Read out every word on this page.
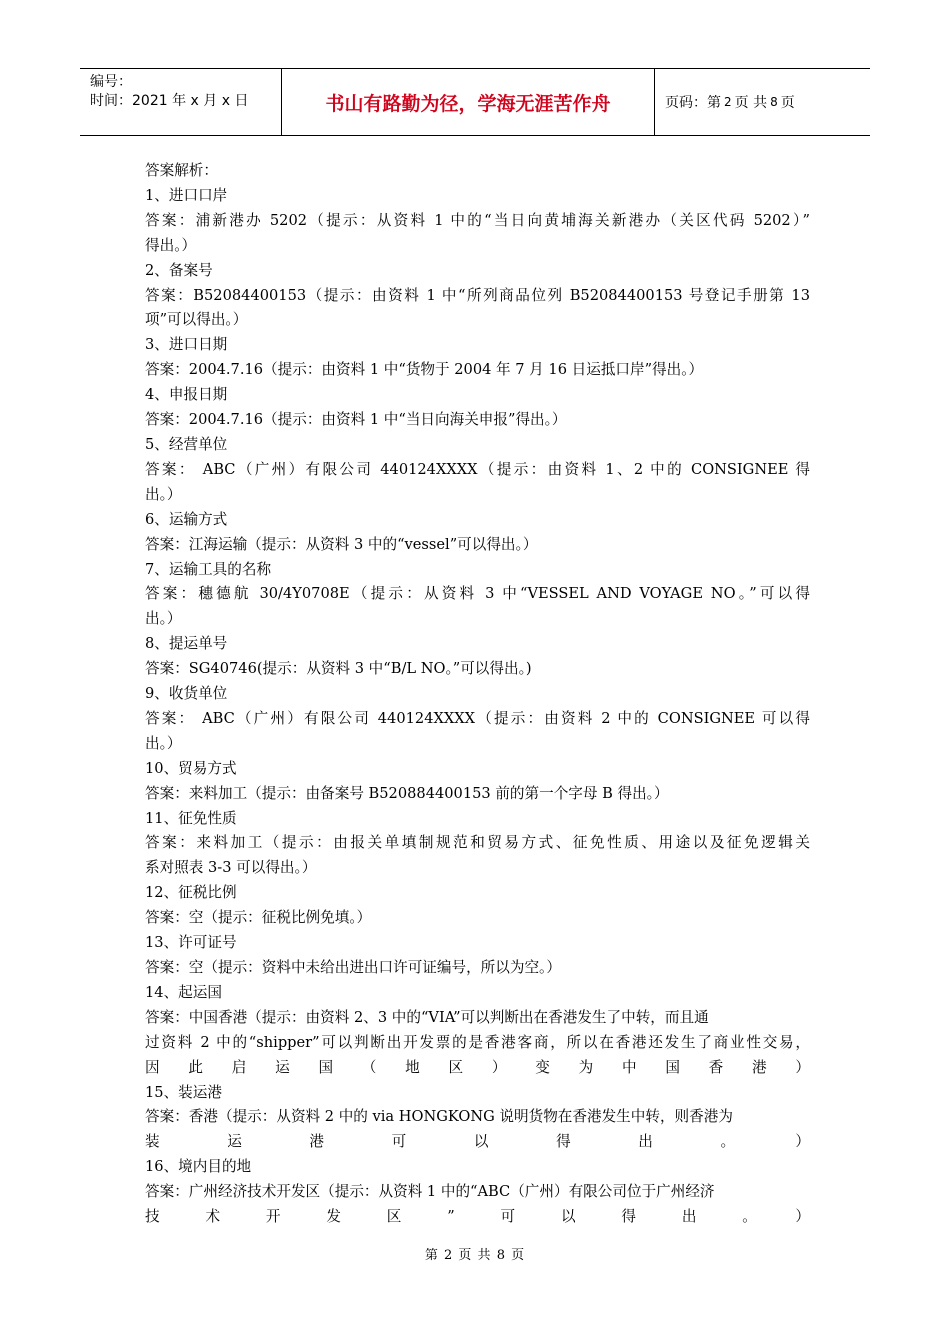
编号：
时间：2021 年 x 月 x 日	书山有路勤为径，学海无涯苦作舟	页码：第 2 页 共 8 页
答案解析：
1、进口口岸
答案：浦新港办 5202（提示：从资料 1 中的“当日向黄埔海关新港办（关区代码 5202）”
得出。）
2、备案号
答案：B52084400153（提示：由资料 1 中“所列商品位列 B52084400153 号登记手册第 13
项”可以得出。）
3、进口日期
答案：2004.7.16（提示：由资料 1 中“货物于 2004 年 7 月 16 日运抵口岸”得出。）
4、申报日期
答案：2004.7.16（提示：由资料 1 中“当日向海关申报”得出。）
5、经营单位
答案： ABC（广州）有限公司 440124XXXX（提示：由资料 1、2 中的 CONSIGNEE 得
出。）
6、运输方式
答案：江海运输（提示：从资料 3 中的“vessel”可以得出。）
7、运输工具的名称
答案：穗德航 30/4Y0708E（提示：从资料 3 中“VESSEL AND VOYAGE NO。”可以得
出。）
8、提运单号
答案：SG40746(提示：从资料 3 中“B/L NO。”可以得出。)
9、收货单位
答案： ABC（广州）有限公司 440124XXXX（提示：由资料 2 中的 CONSIGNEE 可以得
出。）
10、贸易方式
答案：来料加工（提示：由备案号 B520884400153 前的第一个字母 B 得出。）
11、征免性质
答案：来料加工（提示：由报关单填制规范和贸易方式、征免性质、用途以及征免逻辑关
系对照表 3-3 可以得出。）
12、征税比例
答案：空（提示：征税比例免填。）
13、许可证号
答案：空（提示：资料中未给出进出口许可证编号，所以为空。）
14、起运国
答案：中国香港（提示：由资料 2、3 中的“VIA”可以判断出在香港发生了中转，而且通
过资料 2 中的“shipper”可以判断出开发票的是香港客商，所以在香港还发生了商业性交易，
因此启运国（地区）变为中国香港）
15、装运港
答案：香港（提示：从资料 2 中的 via HONGKONG 说明货物在香港发生中转，则香港为
装运港可以得出。）
16、境内目的地
答案：广州经济技术开发区（提示：从资料 1 中的“ABC（广州）有限公司位于广州经济
技术开发区”可以得出。）
第 2 页 共 8 页
